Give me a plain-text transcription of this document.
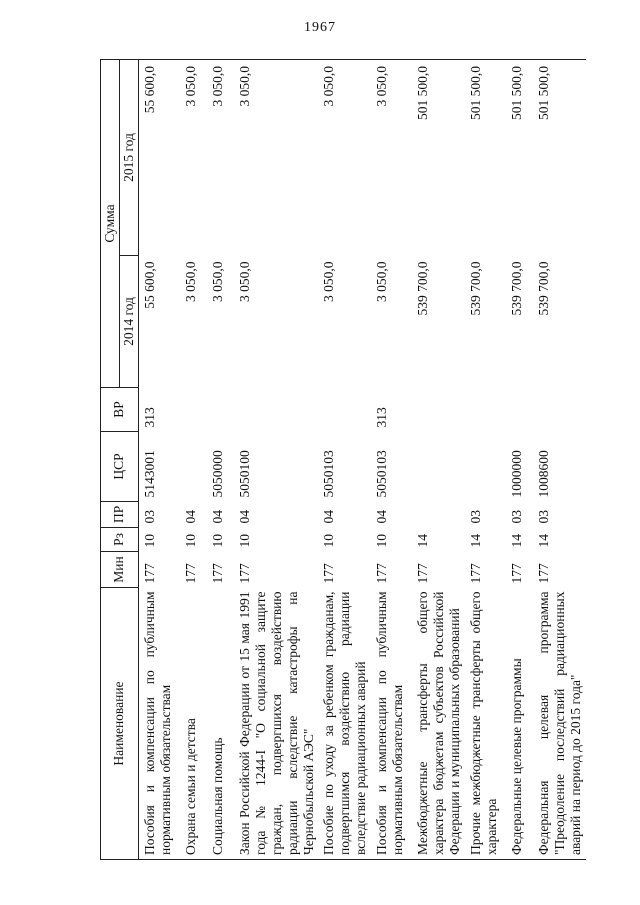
1967
Наименование	Мин	Рз	ПР	ЦСР	ВР	Сумма	
						2014 год	2015 год
Пособия и компенсации по публичным нормативным обязательствам	177	10	03	5143001	313	55 600,0	55 600,0
Охрана семьи и детства	177	10	04			3 050,0	3 050,0
Социальная помощь	177	10	04	5050000		3 050,0	3 050,0
Закон Российской Федерации от 15 мая 1991 года № 1244-I "О социальной защите граждан, подвергшихся воздействию радиации вследствие катастрофы на Чернобыльской АЭС"	177	10	04	5050100		3 050,0	3 050,0
Пособие по уходу за ребенком гражданам, подвергшимся воздействию радиации вследствие радиационных аварий	177	10	04	5050103		3 050,0	3 050,0
Пособия и компенсации по публичным нормативным обязательствам	177	10	04	5050103	313	3 050,0	3 050,0
Межбюджетные трансферты общего характера бюджетам субъектов Российской Федерации и муниципальных образований	177	14				539 700,0	501 500,0
Прочие межбюджетные трансферты общего характера	177	14	03			539 700,0	501 500,0
Федеральные целевые программы	177	14	03	1000000		539 700,0	501 500,0
Федеральная целевая программа "Преодоление последствий радиационных аварий на период до 2015 года"	177	14	03	1008600		539 700,0	501 500,0
